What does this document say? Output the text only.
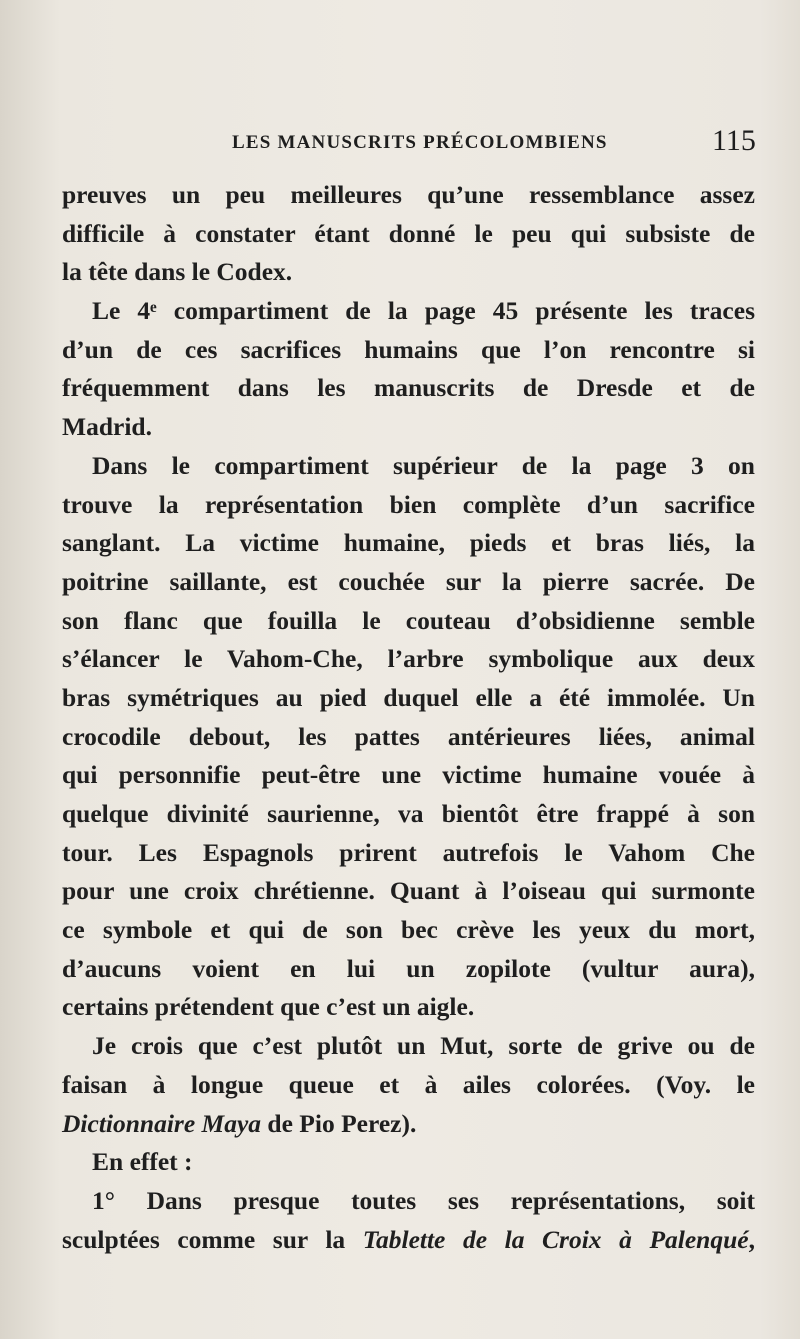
LES MANUSCRITS PRÉCOLOMBIENS	115
preuves un peu meilleures qu’une ressemblance assez
difficile à constater étant donné le peu qui subsiste de
la tête dans le Codex.
Le 4ᵉ compartiment de la page 45 présente les traces
d’un de ces sacrifices humains que l’on rencontre si
fréquemment dans les manuscrits de Dresde et de
Madrid.
Dans le compartiment supérieur de la page 3 on
trouve la représentation bien complète d’un sacrifice
sanglant. La victime humaine, pieds et bras liés, la
poitrine saillante, est couchée sur la pierre sacrée. De
son flanc que fouilla le couteau d’obsidienne semble
s’élancer le Vahom-Che, l’arbre symbolique aux deux
bras symétriques au pied duquel elle a été immolée. Un
crocodile debout, les pattes antérieures liées, animal
qui personnifie peut-être une victime humaine vouée à
quelque divinité saurienne, va bientôt être frappé à son
tour. Les Espagnols prirent autrefois le Vahom Che
pour une croix chrétienne. Quant à l’oiseau qui surmonte
ce symbole et qui de son bec crève les yeux du mort,
d’aucuns voient en lui un zopilote (vultur aura),
certains prétendent que c’est un aigle.
Je crois que c’est plutôt un Mut, sorte de grive ou de
faisan à longue queue et à ailes colorées. (Voy. le
Dictionnaire Maya de Pio Perez).
En effet :
1° Dans presque toutes ses représentations, soit
sculptées comme sur la Tablette de la Croix à Palenqué,
